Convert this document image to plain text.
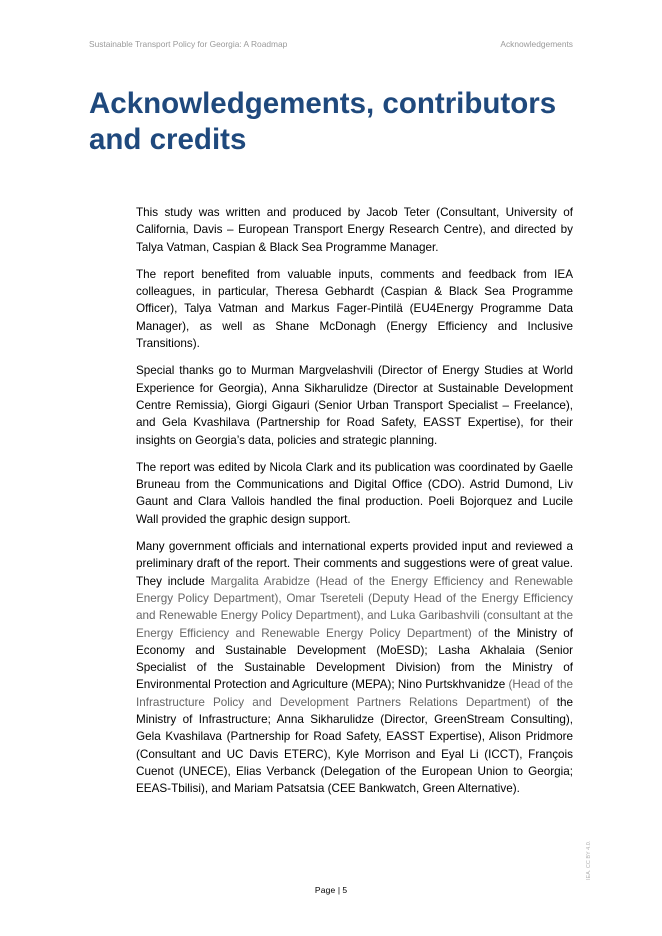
Sustainable Transport Policy for Georgia: A Roadmap	Acknowledgements
Acknowledgements, contributors and credits

This study was written and produced by Jacob Teter (Consultant, University of California, Davis – European Transport Energy Research Centre), and directed by Talya Vatman, Caspian & Black Sea Programme Manager.

The report benefited from valuable inputs, comments and feedback from IEA colleagues, in particular, Theresa Gebhardt (Caspian & Black Sea Programme Officer), Talya Vatman and Markus Fager-Pintilä (EU4Energy Programme Data Manager), as well as Shane McDonagh (Energy Efficiency and Inclusive Transitions).

Special thanks go to Murman Margvelashvili (Director of Energy Studies at World Experience for Georgia), Anna Sikharulidze (Director at Sustainable Development Centre Remissia), Giorgi Gigauri (Senior Urban Transport Specialist – Freelance), and Gela Kvashilava (Partnership for Road Safety, EASST Expertise), for their insights on Georgia’s data, policies and strategic planning.

The report was edited by Nicola Clark and its publication was coordinated by Gaelle Bruneau from the Communications and Digital Office (CDO). Astrid Dumond, Liv Gaunt and Clara Vallois handled the final production. Poeli Bojorquez and Lucile Wall provided the graphic design support.

Many government officials and international experts provided input and reviewed a preliminary draft of the report. Their comments and suggestions were of great value. They include Margalita Arabidze (Head of the Energy Efficiency and Renewable Energy Policy Department), Omar Tsereteli (Deputy Head of the Energy Efficiency and Renewable Energy Policy Department), and Luka Garibashvili (consultant at the Energy Efficiency and Renewable Energy Policy Department) of the Ministry of Economy and Sustainable Development (MoESD); Lasha Akhalaia (Senior Specialist of the Sustainable Development Division) from the Ministry of Environmental Protection and Agriculture (MEPA); Nino Purtskhvanidze (Head of the Infrastructure Policy and Development Partners Relations Department) of the Ministry of Infrastructure; Anna Sikharulidze (Director, GreenStream Consulting), Gela Kvashilava (Partnership for Road Safety, EASST Expertise), Alison Pridmore (Consultant and UC Davis ETERC), Kyle Morrison and Eyal Li (ICCT), François Cuenot (UNECE), Elias Verbanck (Delegation of the European Union to Georgia; EEAS-Tbilisi), and Mariam Patsatsia (CEE Bankwatch, Green Alternative).

Page | 5
IEA. CC BY 4.0.
